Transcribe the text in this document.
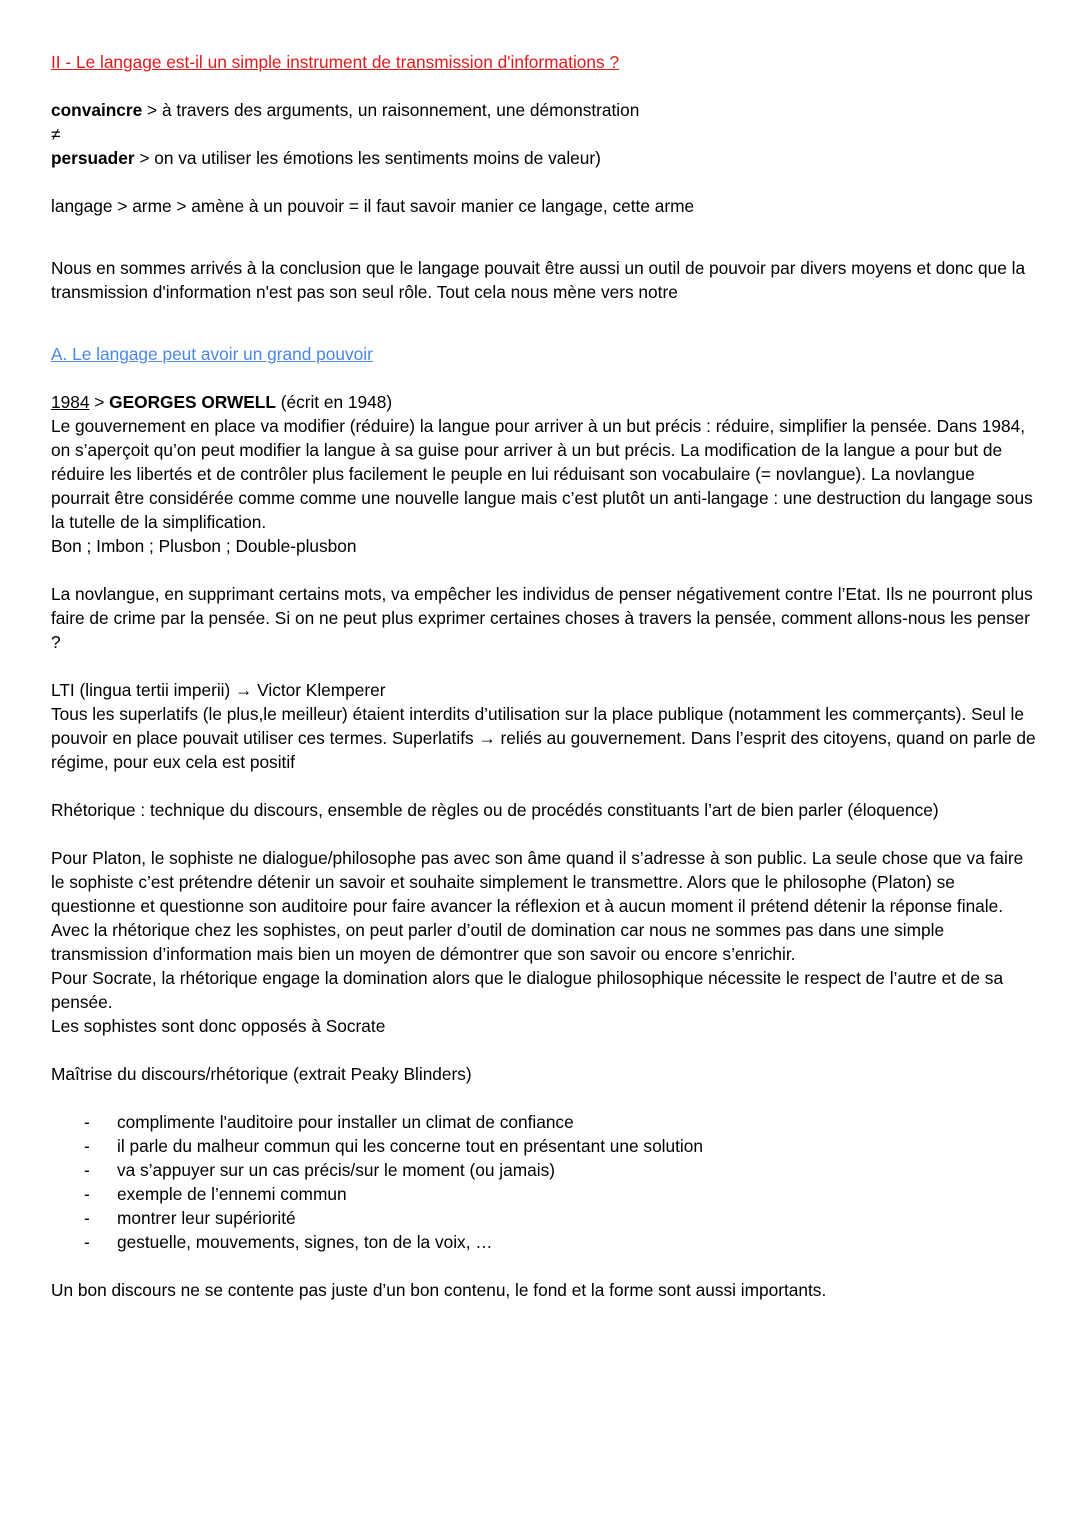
II - Le langage est-il un simple instrument de transmission d'informations ?
convaincre > à travers des arguments, un raisonnement, une démonstration
≠
persuader > on va utiliser les émotions les sentiments moins de valeur)
langage > arme > amène à un pouvoir = il faut savoir manier ce langage, cette arme
Nous en sommes arrivés à la conclusion que le langage pouvait être aussi un outil de pouvoir par divers moyens et donc que la transmission d'information n'est pas son seul rôle. Tout cela nous mène vers notre
A. Le langage peut avoir un grand pouvoir
1984 > GEORGES ORWELL (écrit en 1948)
Le gouvernement en place va modifier (réduire) la langue pour arriver à un but précis : réduire, simplifier la pensée. Dans 1984, on s’aperçoit qu’on peut modifier la langue à sa guise pour arriver à un but précis. La modification de la langue a pour but de réduire les libertés et de contrôler plus facilement le peuple en lui réduisant son vocabulaire (= novlangue). La novlangue pourrait être considérée comme comme une nouvelle langue mais c’est plutôt un anti-langage : une destruction du langage sous la tutelle de la simplification.
Bon ; Imbon ; Plusbon ; Double-plusbon
La novlangue, en supprimant certains mots, va empêcher les individus de penser négativement contre l’Etat. Ils ne pourront plus faire de crime par la pensée. Si on ne peut plus exprimer certaines choses à travers la pensée, comment allons-nous les penser ?
LTI (lingua tertii imperii) → Victor Klemperer
Tous les superlatifs (le plus,le meilleur) étaient interdits d’utilisation sur la place publique (notamment les commerçants). Seul le pouvoir en place pouvait utiliser ces termes. Superlatifs → reliés au gouvernement. Dans l’esprit des citoyens, quand on parle de régime, pour eux cela est positif
Rhétorique : technique du discours, ensemble de règles ou de procédés constituants l’art de bien parler (éloquence)
Pour Platon, le sophiste ne dialogue/philosophe pas avec son âme quand il s’adresse à son public. La seule chose que va faire le sophiste c’est prétendre détenir un savoir et souhaite simplement le transmettre. Alors que le philosophe (Platon) se questionne et questionne son auditoire pour faire avancer la réflexion et à aucun moment il prétend détenir la réponse finale.
Avec la rhétorique chez les sophistes, on peut parler d’outil de domination car nous ne sommes pas dans une simple transmission d’information mais bien un moyen de démontrer que son savoir ou encore s’enrichir.
Pour Socrate, la rhétorique engage la domination alors que le dialogue philosophique nécessite le respect de l’autre et de sa pensée.
Les sophistes sont donc opposés à Socrate
Maîtrise du discours/rhétorique (extrait Peaky Blinders)
- complimente l'auditoire pour installer un climat de confiance
- il parle du malheur commun qui les concerne tout en présentant une solution
- va s’appuyer sur un cas précis/sur le moment (ou jamais)
- exemple de l’ennemi commun
- montrer leur supériorité
- gestuelle, mouvements, signes, ton de la voix, …
Un bon discours ne se contente pas juste d’un bon contenu, le fond et la forme sont aussi importants.
